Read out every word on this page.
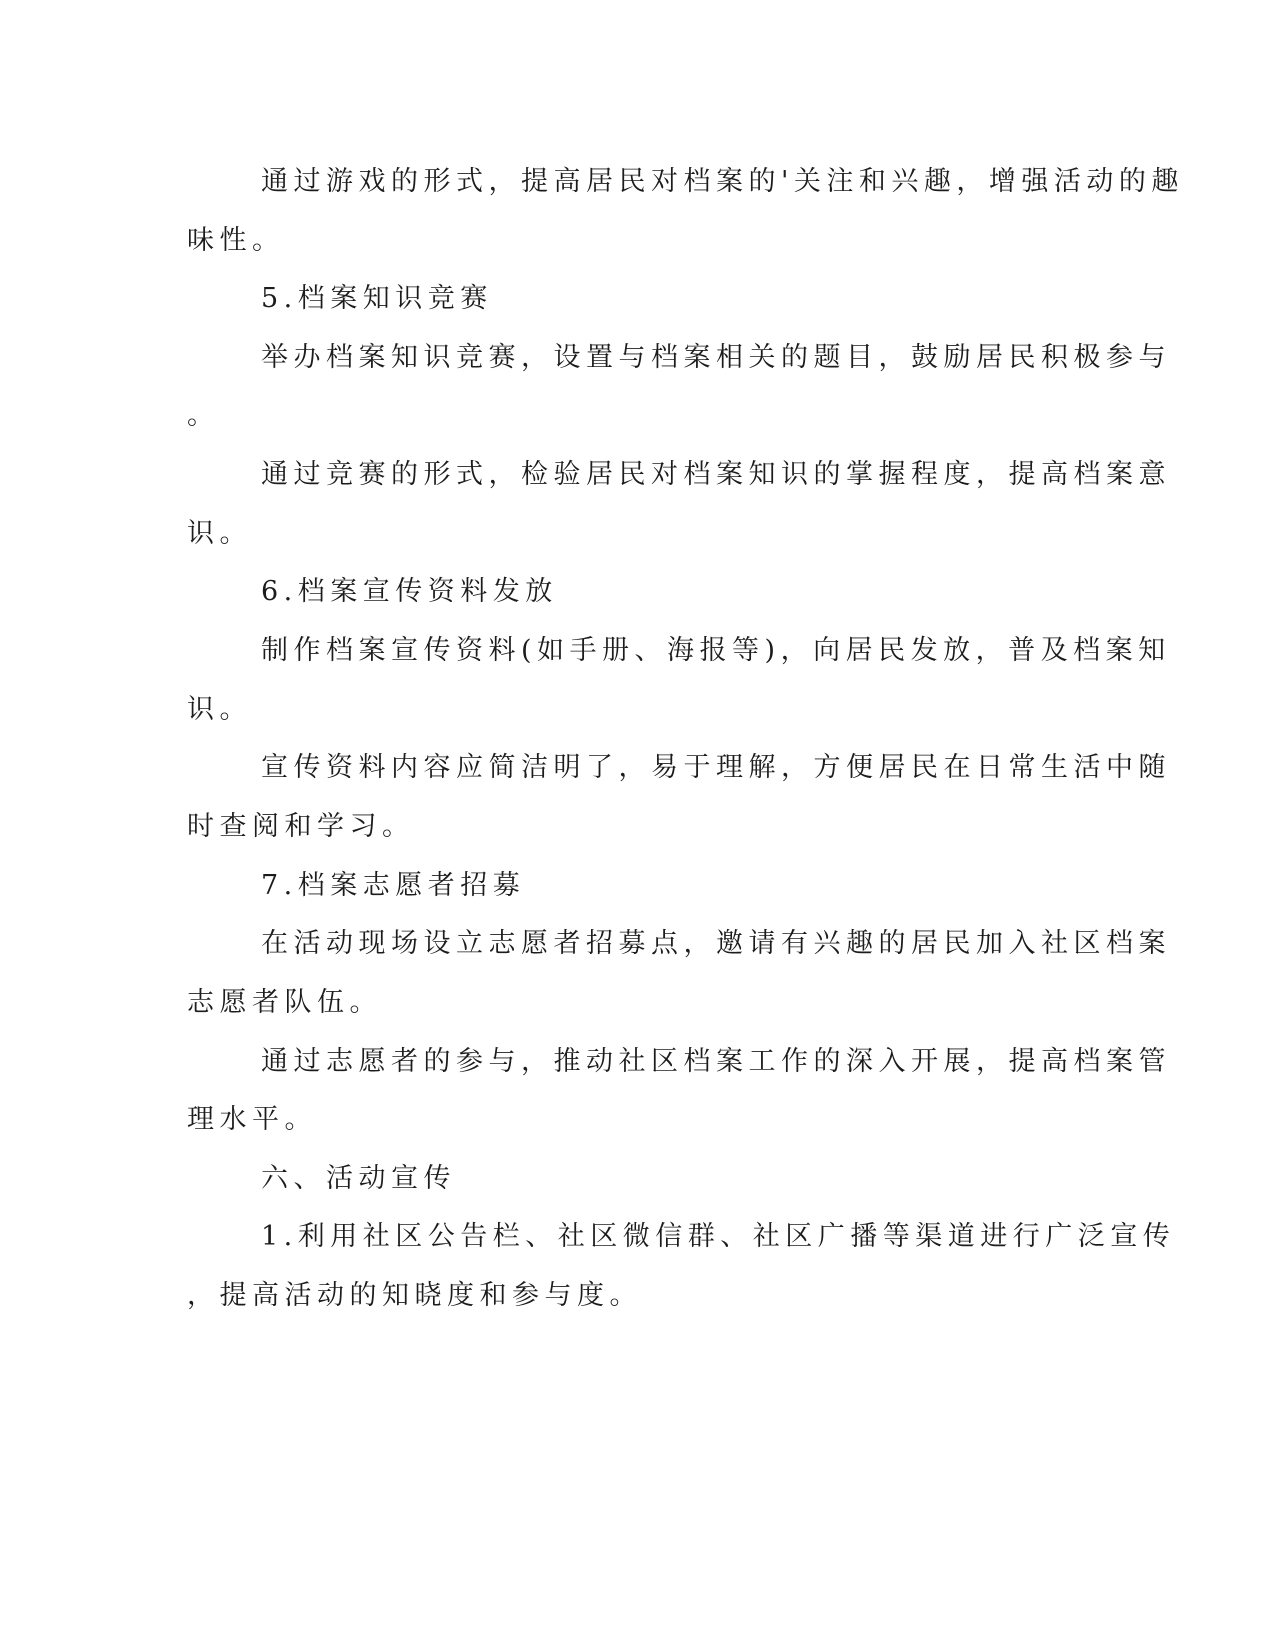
通过游戏的形式，提高居民对档案的'关注和兴趣，增强活动的趣

味性。

5.档案知识竞赛

举办档案知识竞赛，设置与档案相关的题目，鼓励居民积极参与

。

通过竞赛的形式，检验居民对档案知识的掌握程度，提高档案意

识。

6.档案宣传资料发放

制作档案宣传资料(如手册、海报等)，向居民发放，普及档案知

识。

宣传资料内容应简洁明了，易于理解，方便居民在日常生活中随

时查阅和学习。

7.档案志愿者招募

在活动现场设立志愿者招募点，邀请有兴趣的居民加入社区档案

志愿者队伍。

通过志愿者的参与，推动社区档案工作的深入开展，提高档案管

理水平。

六、活动宣传

1.利用社区公告栏、社区微信群、社区广播等渠道进行广泛宣传

，提高活动的知晓度和参与度。
